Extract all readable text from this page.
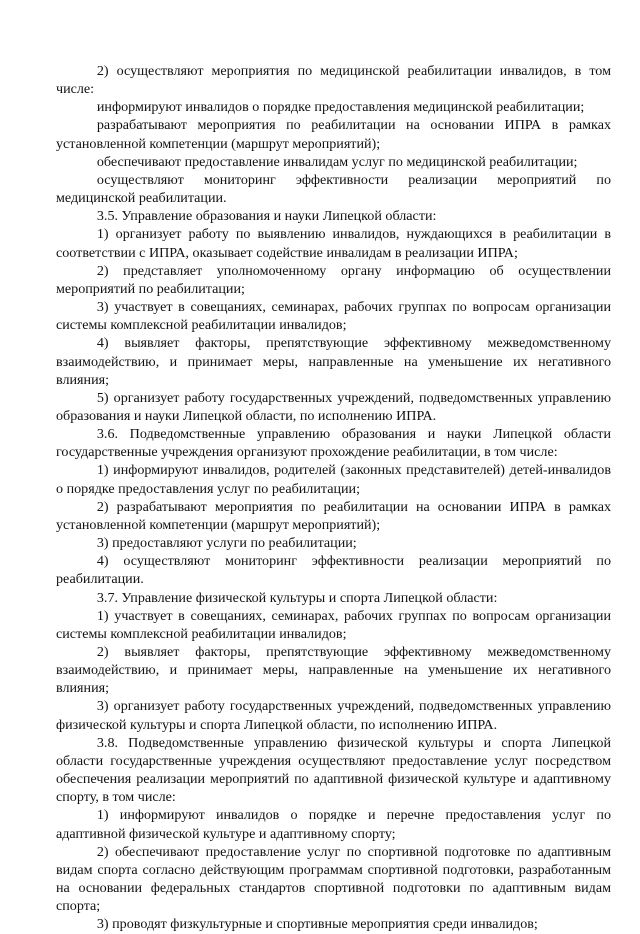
2) осуществляют мероприятия по медицинской реабилитации инвалидов, в том числе:

информируют инвалидов о порядке предоставления медицинской реабилитации;

разрабатывают мероприятия по реабилитации на основании ИПРА в рамках установленной компетенции (маршрут мероприятий);

обеспечивают предоставление инвалидам услуг по медицинской реабилитации;

осуществляют мониторинг эффективности реализации мероприятий по медицинской реабилитации.

3.5. Управление образования и науки Липецкой области:

1) организует работу по выявлению инвалидов, нуждающихся в реабилитации в соответствии с ИПРА, оказывает содействие инвалидам в реализации ИПРА;

2) представляет уполномоченному органу информацию об осуществлении мероприятий по реабилитации;

3) участвует в совещаниях, семинарах, рабочих группах по вопросам организации системы комплексной реабилитации инвалидов;

4) выявляет факторы, препятствующие эффективному межведомственному взаимодействию, и принимает меры, направленные на уменьшение их негативного влияния;

5) организует работу государственных учреждений, подведомственных управлению образования и науки Липецкой области, по исполнению ИПРА.

3.6. Подведомственные управлению образования и науки Липецкой области государственные учреждения организуют прохождение реабилитации, в том числе:

1) информируют инвалидов, родителей (законных представителей) детей-инвалидов о порядке предоставления услуг по реабилитации;

2) разрабатывают мероприятия по реабилитации на основании ИПРА в рамках установленной компетенции (маршрут мероприятий);

3) предоставляют услуги по реабилитации;

4) осуществляют мониторинг эффективности реализации мероприятий по реабилитации.

3.7. Управление физической культуры и спорта Липецкой области:

1) участвует в совещаниях, семинарах, рабочих группах по вопросам организации системы комплексной реабилитации инвалидов;

2) выявляет факторы, препятствующие эффективному межведомственному взаимодействию, и принимает меры, направленные на уменьшение их негативного влияния;

3) организует работу государственных учреждений, подведомственных управлению физической культуры и спорта Липецкой области, по исполнению ИПРА.

3.8. Подведомственные управлению физической культуры и спорта Липецкой области государственные учреждения осуществляют предоставление услуг посредством обеспечения реализации мероприятий по адаптивной физической культуре и адаптивному спорту, в том числе:

1) информируют инвалидов о порядке и перечне предоставления услуг по адаптивной физической культуре и адаптивному спорту;

2) обеспечивают предоставление услуг по спортивной подготовке по адаптивным видам спорта согласно действующим программам спортивной подготовки, разработанным на основании федеральных стандартов спортивной подготовки по адаптивным видам спорта;

3) проводят физкультурные и спортивные мероприятия среди инвалидов;
